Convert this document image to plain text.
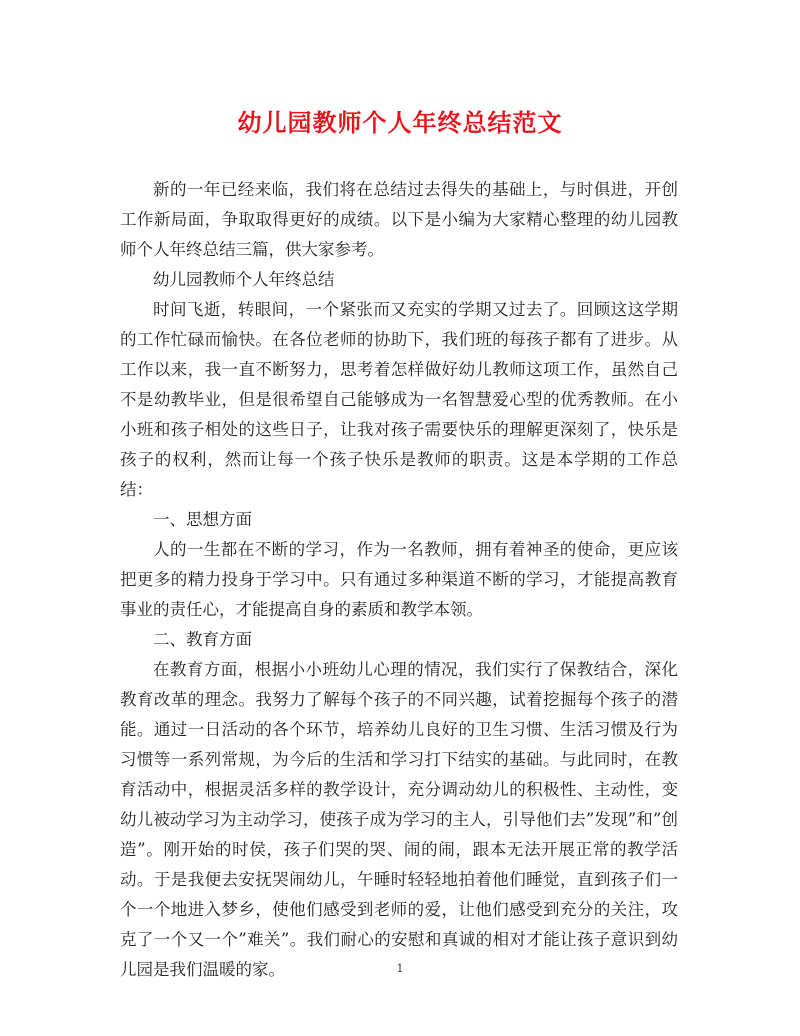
幼儿园教师个人年终总结范文

新的一年已经来临，我们将在总结过去得失的基础上，与时俱进，开创工作新局面，争取取得更好的成绩。以下是小编为大家精心整理的幼儿园教师个人年终总结三篇，供大家参考。

幼儿园教师个人年终总结

时间飞逝，转眼间，一个紧张而又充实的学期又过去了。回顾这这学期的工作忙碌而愉快。在各位老师的协助下，我们班的每孩子都有了进步。从工作以来，我一直不断努力，思考着怎样做好幼儿教师这项工作，虽然自己不是幼教毕业，但是很希望自己能够成为一名智慧爱心型的优秀教师。在小小班和孩子相处的这些日子，让我对孩子需要快乐的理解更深刻了，快乐是孩子的权利，然而让每一个孩子快乐是教师的职责。这是本学期的工作总结：

一、思想方面

人的一生都在不断的学习，作为一名教师，拥有着神圣的使命，更应该把更多的精力投身于学习中。只有通过多种渠道不断的学习，才能提高教育事业的责任心，才能提高自身的素质和教学本领。

二、教育方面

在教育方面，根据小小班幼儿心理的情况，我们实行了保教结合，深化教育改革的理念。我努力了解每个孩子的不同兴趣，试着挖掘每个孩子的潜能。通过一日活动的各个环节，培养幼儿良好的卫生习惯、生活习惯及行为习惯等一系列常规，为今后的生活和学习打下结实的基础。与此同时，在教育活动中，根据灵活多样的教学设计，充分调动幼儿的积极性、主动性，变幼儿被动学习为主动学习，使孩子成为学习的主人，引导他们去”发现”和”创造”。刚开始的时侯，孩子们哭的哭、闹的闹，跟本无法开展正常的教学活动。于是我便去安抚哭闹幼儿，午睡时轻轻地拍着他们睡觉，直到孩子们一个一个地进入梦乡，使他们感受到老师的爱，让他们感受到充分的关注，攻克了一个又一个”难关”。我们耐心的安慰和真诚的相对才能让孩子意识到幼儿园是我们温暖的家。	1
